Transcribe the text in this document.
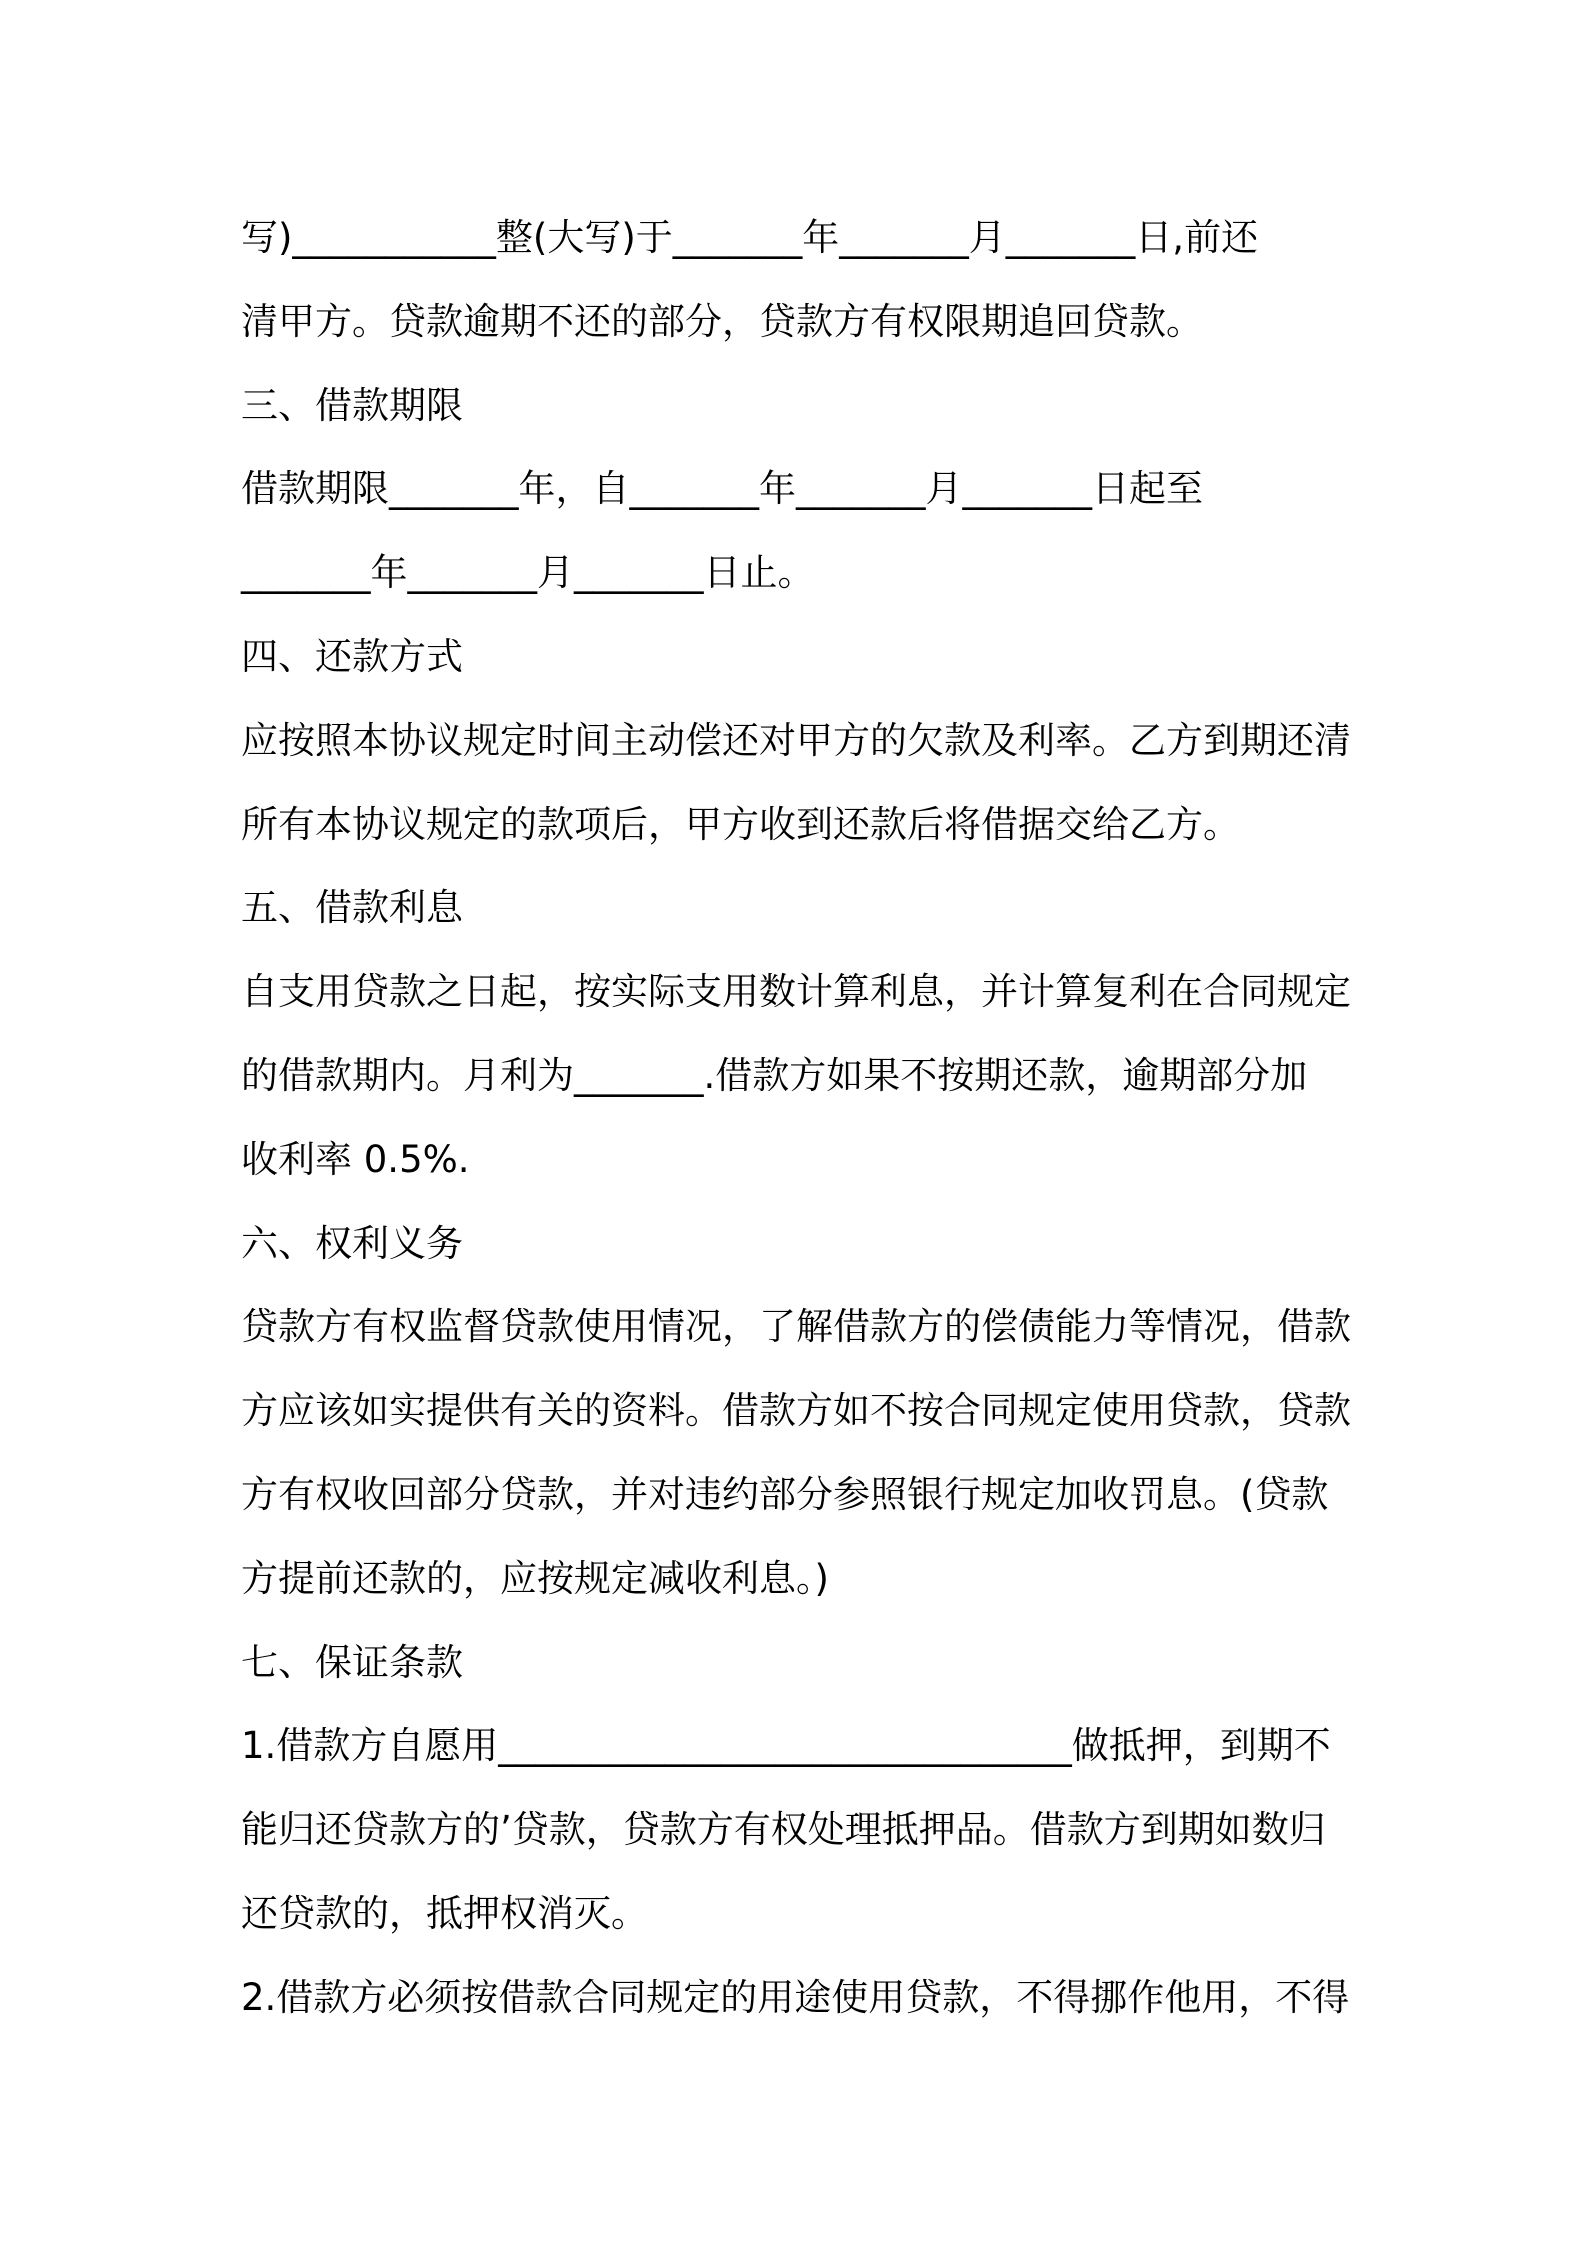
写)___________整(大写)于_______年_______月_______日,前还
清甲方。贷款逾期不还的部分，贷款方有权限期追回贷款。
三、借款期限
借款期限_______年，自_______年_______月_______日起至
_______年_______月_______日止。
四、还款方式
应按照本协议规定时间主动偿还对甲方的欠款及利率。乙方到期还清
所有本协议规定的款项后，甲方收到还款后将借据交给乙方。
五、借款利息
自支用贷款之日起，按实际支用数计算利息，并计算复利在合同规定
的借款期内。月利为_______.借款方如果不按期还款，逾期部分加
收利率 0.5%.
六、权利义务
贷款方有权监督贷款使用情况，了解借款方的偿债能力等情况，借款
方应该如实提供有关的资料。借款方如不按合同规定使用贷款，贷款
方有权收回部分贷款，并对违约部分参照银行规定加收罚息。(贷款
方提前还款的，应按规定减收利息。)
七、保证条款
1.借款方自愿用_______________________________做抵押，到期不
能归还贷款方的’贷款，贷款方有权处理抵押品。借款方到期如数归
还贷款的，抵押权消灭。
2.借款方必须按借款合同规定的用途使用贷款，不得挪作他用，不得
